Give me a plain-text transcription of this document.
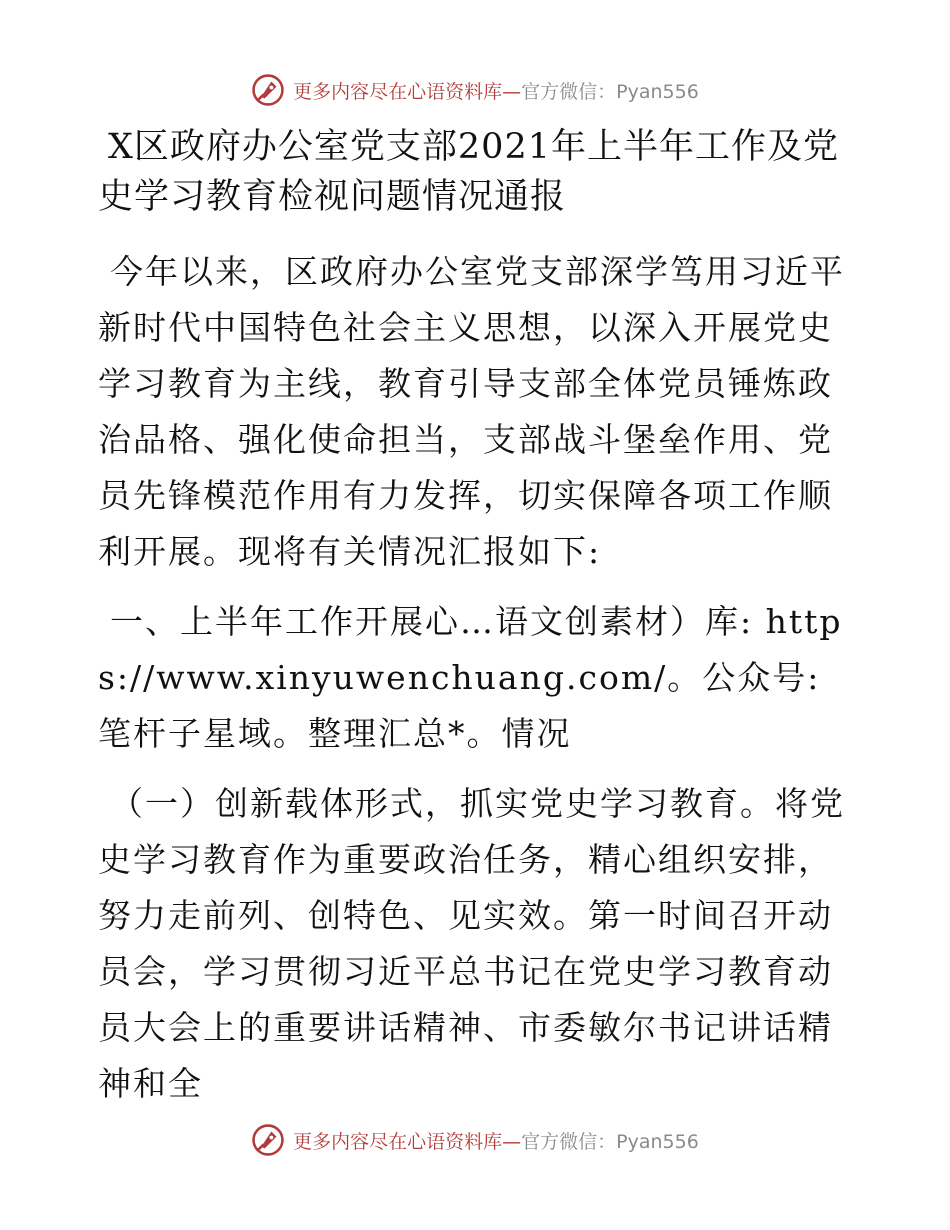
更多内容尽在心语资料库—官方微信：Pyan556
X区政府办公室党支部2021年上半年工作及党史学习教育检视问题情况通报

今年以来，区政府办公室党支部深学笃用习近平新时代中国特色社会主义思想，以深入开展党史学习教育为主线，教育引导支部全体党员锤炼政治品格、强化使命担当，支部战斗堡垒作用、党员先锋模范作用有力发挥，切实保障各项工作顺利开展。现将有关情况汇报如下:

一、上半年工作开展心…语文创素材）库: https://www.xinyuwenchuang.com/。公众号: 笔杆子星域。整理汇总*。情况

（一）创新载体形式，抓实党史学习教育。将党史学习教育作为重要政治任务，精心组织安排，努力走前列、创特色、见实效。第一时间召开动员会，学习贯彻习近平总书记在党史学习教育动员大会上的重要讲话精神、市委敏尔书记讲话精神和全

更多内容尽在心语资料库—官方微信：Pyan556
